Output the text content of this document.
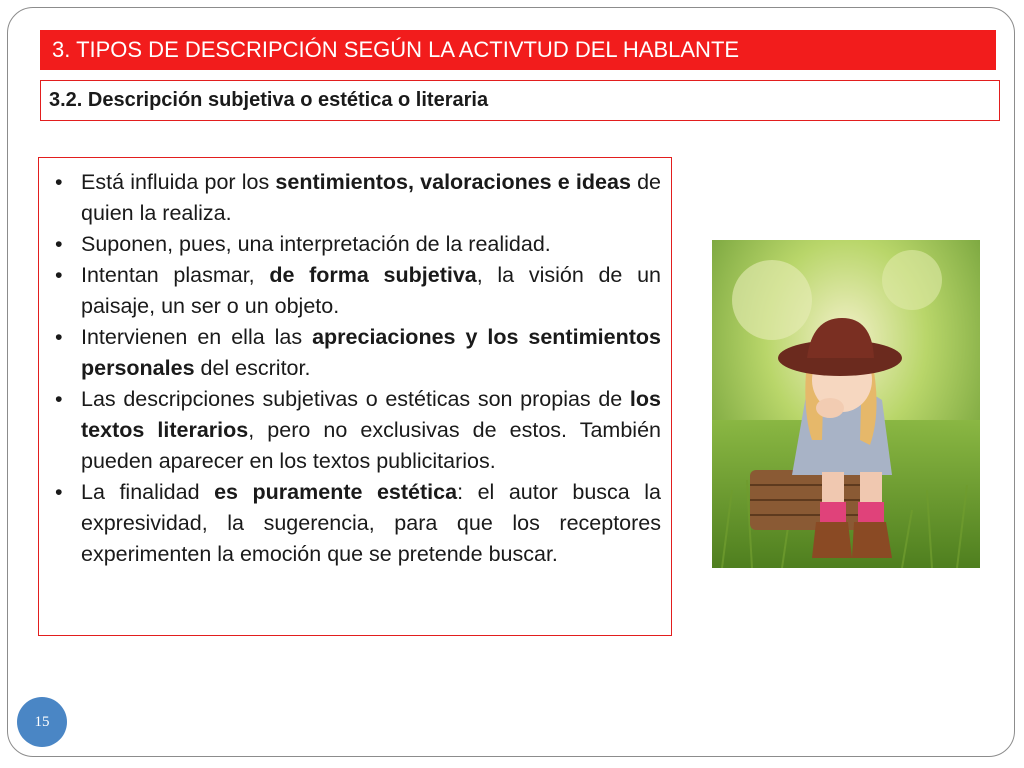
3. TIPOS DE DESCRIPCIÓN SEGÚN LA ACTIVTUD DEL HABLANTE
3.2. Descripción subjetiva o estética o literaria
• Está influida por los sentimientos, valoraciones e ideas de quien la realiza.
• Suponen, pues, una interpretación de la realidad.
• Intentan plasmar, de forma subjetiva, la visión de un paisaje, un ser o un objeto.
• Intervienen en ella las apreciaciones y los sentimientos personales del escritor.
• Las descripciones subjetivas o estéticas son propias de los textos literarios, pero no exclusivas de estos. También pueden aparecer en los textos publicitarios.
• La finalidad es puramente estética: el autor busca la expresividad, la sugerencia, para que los receptores experimenten la emoción que se pretende buscar.
15
